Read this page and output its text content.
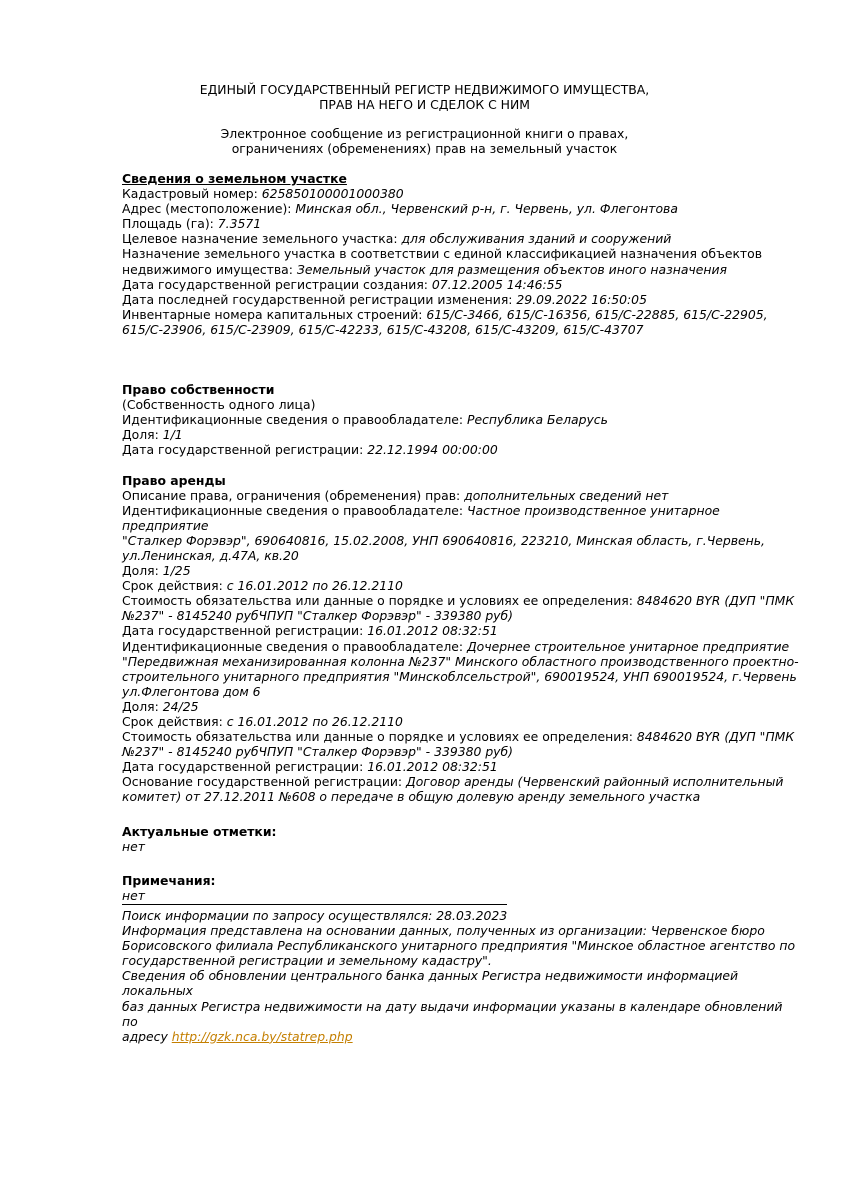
ЕДИНЫЙ ГОСУДАРСТВЕННЫЙ РЕГИСТР НЕДВИЖИМОГО ИМУЩЕСТВА,
ПРАВ НА НЕГО И СДЕЛОК С НИМ
Электронное сообщение из регистрационной книги о правах,
ограничениях (обременениях) прав на земельный участок
Сведения о земельном участке
Кадастровый номер: 625850100001000380
Адрес (местоположение): Минская обл., Червенский р-н, г. Червень, ул. Флегонтова
Площадь (га): 7.3571
Целевое назначение земельного участка: для обслуживания зданий и сооружений
Назначение земельного участка в соответствии с единой классификацией назначения объектов
недвижимого имущества: Земельный участок для размещения объектов иного назначения
Дата государственной регистрации создания: 07.12.2005 14:46:55
Дата последней государственной регистрации изменения: 29.09.2022 16:50:05
Инвентарные номера капитальных строений: 615/С-3466, 615/С-16356, 615/С-22885, 615/С-22905,
615/С-23906, 615/С-23909, 615/С-42233, 615/С-43208, 615/С-43209, 615/С-43707
Право собственности
(Собственность одного лица)
Идентификационные сведения о правообладателе: Республика Беларусь
Доля: 1/1
Дата государственной регистрации: 22.12.1994 00:00:00
Право аренды
Описание права, ограничения (обременения) прав: дополнительных сведений нет
Идентификационные сведения о правообладателе: Частное производственное унитарное предприятие
"Сталкер Форэвэр", 690640816, 15.02.2008, УНП 690640816, 223210, Минская область, г.Червень,
ул.Ленинская, д.47А, кв.20
Доля: 1/25
Срок действия: с 16.01.2012 по 26.12.2110
Стоимость обязательства или данные о порядке и условиях ее определения: 8484620 BYR (ДУП "ПМК
№237" - 8145240 рубЧПУП "Сталкер Форэвэр" - 339380 руб)
Дата государственной регистрации: 16.01.2012 08:32:51
Идентификационные сведения о правообладателе: Дочернее строительное унитарное предприятие
"Передвижная механизированная колонна №237" Минского областного производственного проектно-
строительного унитарного предприятия "Минскоблсельстрой", 690019524, УНП 690019524, г.Червень
ул.Флегонтова дом 6
Доля: 24/25
Срок действия: с 16.01.2012 по 26.12.2110
Стоимость обязательства или данные о порядке и условиях ее определения: 8484620 BYR (ДУП "ПМК
№237" - 8145240 рубЧПУП "Сталкер Форэвэр" - 339380 руб)
Дата государственной регистрации: 16.01.2012 08:32:51
Основание государственной регистрации: Договор аренды (Червенский районный исполнительный
комитет) от 27.12.2011 №608 о передаче в общую долевую аренду земельного участка
Актуальные отметки:
нет
Примечания:
нет
Поиск информации по запросу осуществлялся: 28.03.2023
Информация представлена на основании данных, полученных из организации: Червенское бюро
Борисовского филиала Республиканского унитарного предприятия "Минское областное агентство по
государственной регистрации и земельному кадастру".
Сведения об обновлении центрального банка данных Регистра недвижимости информацией локальных
баз данных Регистра недвижимости на дату выдачи информации указаны в календаре обновлений по
адресу http://gzk.nca.by/statrep.php
